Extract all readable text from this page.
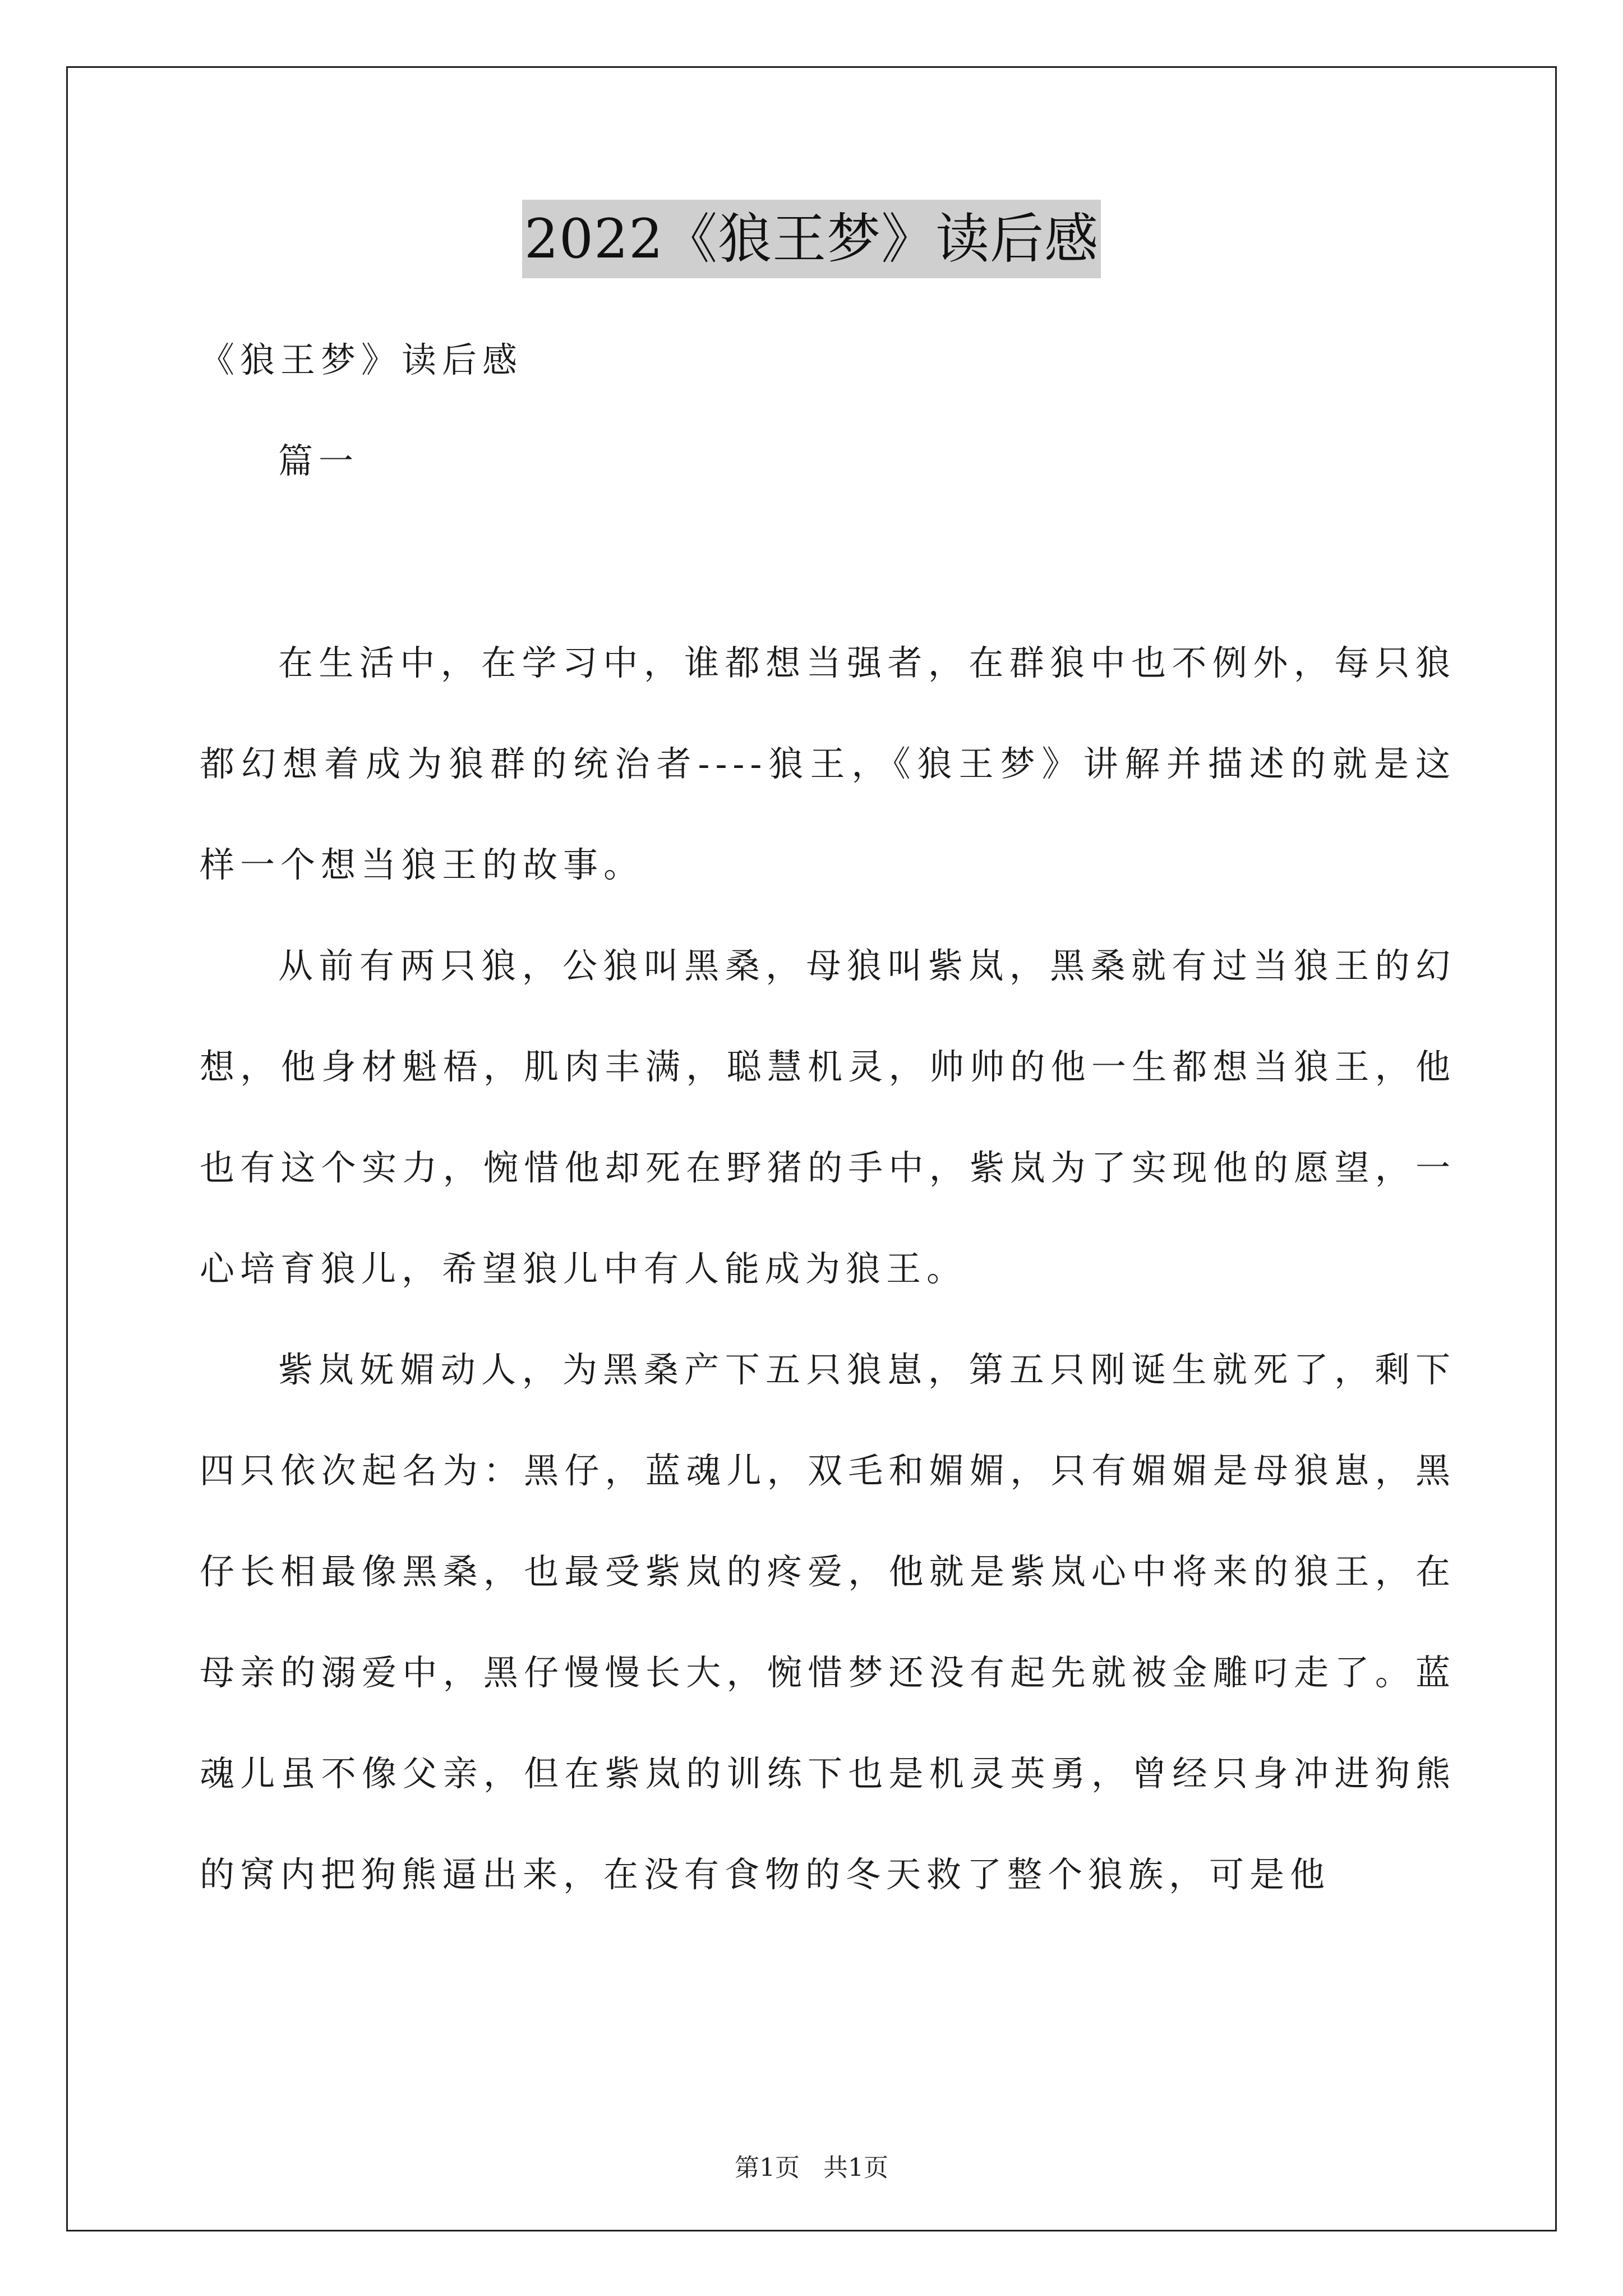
2022《狼王梦》读后感

《狼王梦》读后感

篇一

在生活中，在学习中，谁都想当强者，在群狼中也不例外，每只狼都幻想着成为狼群的统治者----狼王，《狼王梦》讲解并描述的就是这样一个想当狼王的故事。

从前有两只狼，公狼叫黑桑，母狼叫紫岚，黑桑就有过当狼王的幻想，他身材魁梧，肌肉丰满，聪慧机灵，帅帅的他一生都想当狼王，他也有这个实力，惋惜他却死在野猪的手中，紫岚为了实现他的愿望，一心培育狼儿，希望狼儿中有人能成为狼王。

紫岚妩媚动人，为黑桑产下五只狼崽，第五只刚诞生就死了，剩下四只依次起名为：黑仔，蓝魂儿，双毛和媚媚，只有媚媚是母狼崽，黑仔长相最像黑桑，也最受紫岚的疼爱，他就是紫岚心中将来的狼王，在母亲的溺爱中，黑仔慢慢长大，惋惜梦还没有起先就被金雕叼走了。蓝魂儿虽不像父亲，但在紫岚的训练下也是机灵英勇，曾经只身冲进狗熊的窝内把狗熊逼出来，在没有食物的冬天救了整个狼族，可是他

第1页   共1页
